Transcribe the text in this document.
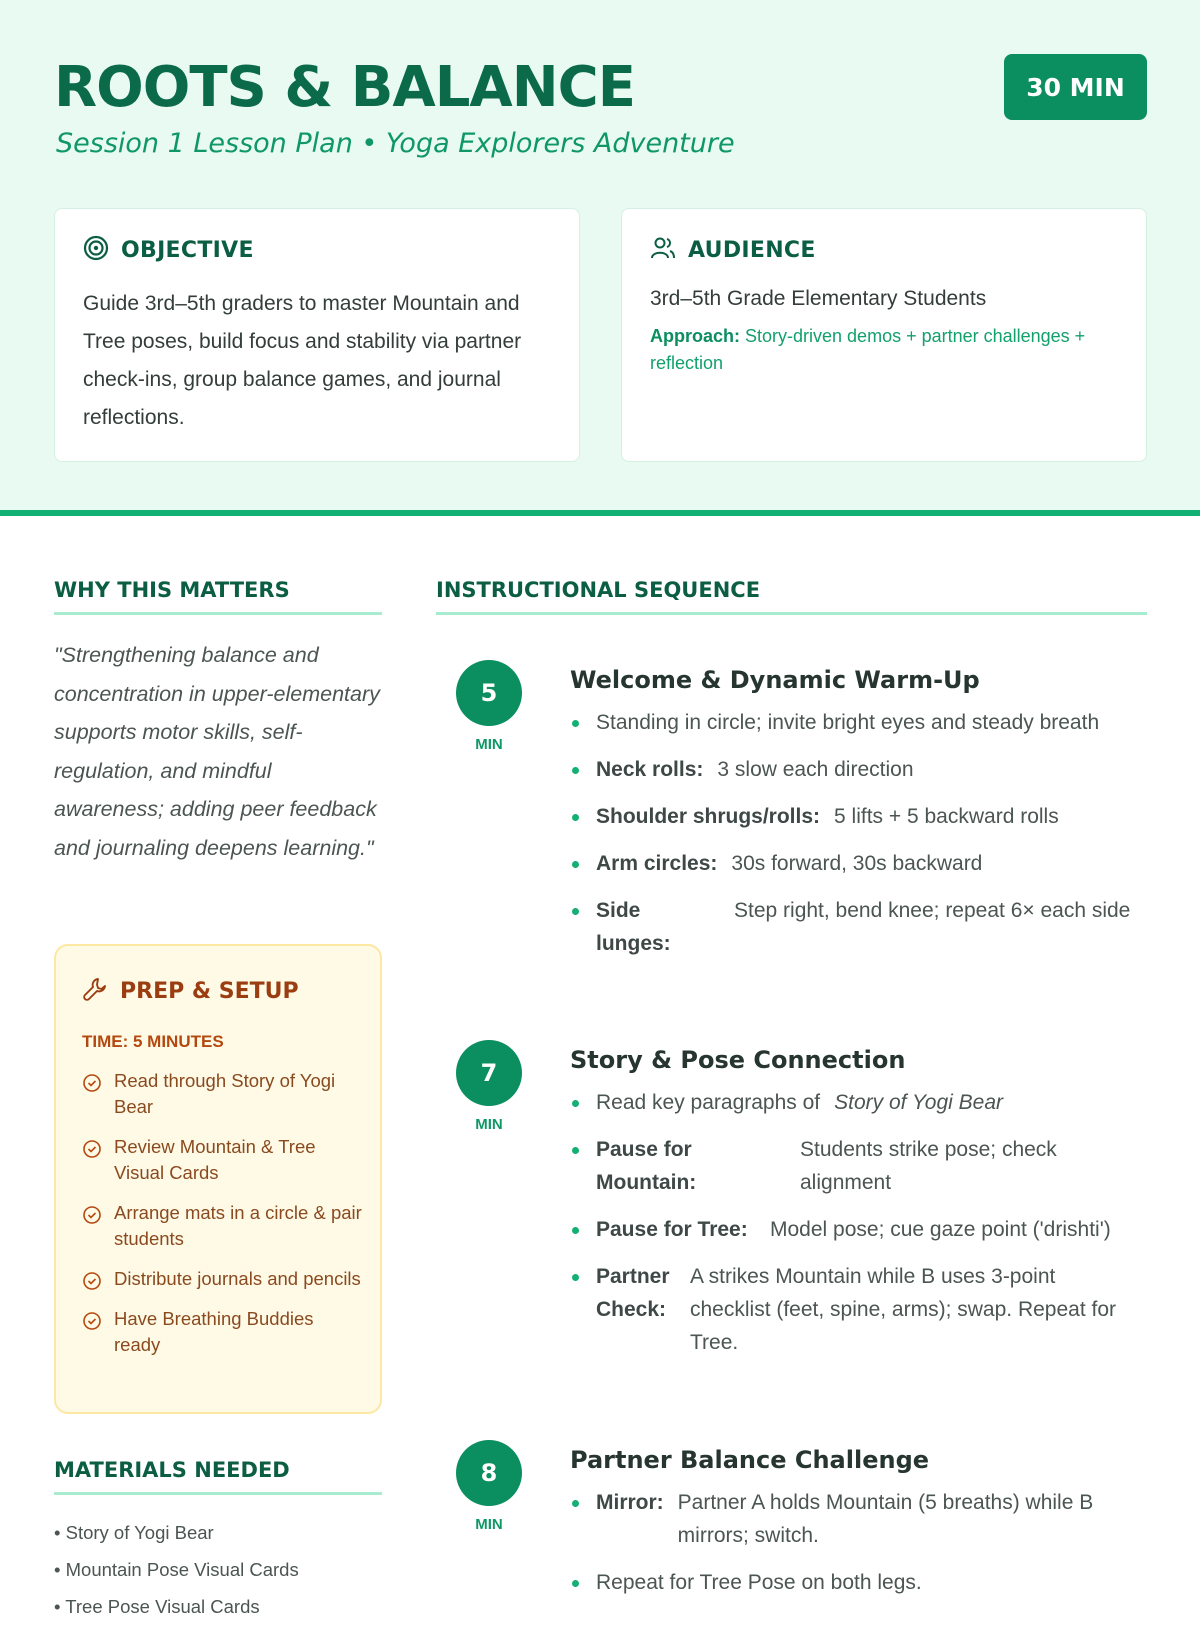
ROOTS & BALANCE
Session 1 Lesson Plan • Yoga Explorers Adventure
30 MIN
OBJECTIVE
Guide 3rd–5th graders to master Mountain and Tree poses, build focus and stability via partner check-ins, group balance games, and journal reflections.
AUDIENCE
3rd–5th Grade Elementary Students
Approach: Story-driven demos + partner challenges + reflection
WHY THIS MATTERS
"Strengthening balance and concentration in upper-elementary supports motor skills, self-regulation, and mindful awareness; adding peer feedback and journaling deepens learning."
PREP & SETUP
TIME: 5 MINUTES
Read through Story of Yogi Bear
Review Mountain & Tree Visual Cards
Arrange mats in a circle & pair students
Distribute journals and pencils
Have Breathing Buddies ready
MATERIALS NEEDED
• Story of Yogi Bear
• Mountain Pose Visual Cards
• Tree Pose Visual Cards
INSTRUCTIONAL SEQUENCE
5
MIN
Welcome & Dynamic Warm-Up
Standing in circle; invite bright eyes and steady breath
Neck rolls: 3 slow each direction
Shoulder shrugs/rolls: 5 lifts + 5 backward rolls
Arm circles: 30s forward, 30s backward
Side lunges:
Step right, bend knee; repeat 6× each side
7
MIN
Story & Pose Connection
Read key paragraphs of Story of Yogi Bear
Pause for Mountain:
Students strike pose; check alignment
Pause for Tree:	Model pose; cue gaze point ('drishti')
Partner Check:
A strikes Mountain while B uses 3-point checklist (feet, spine, arms); swap. Repeat for Tree.
8
MIN
Partner Balance Challenge
Mirror: Partner A holds Mountain (5 breaths) while B mirrors; switch.
Repeat for Tree Pose on both legs.
